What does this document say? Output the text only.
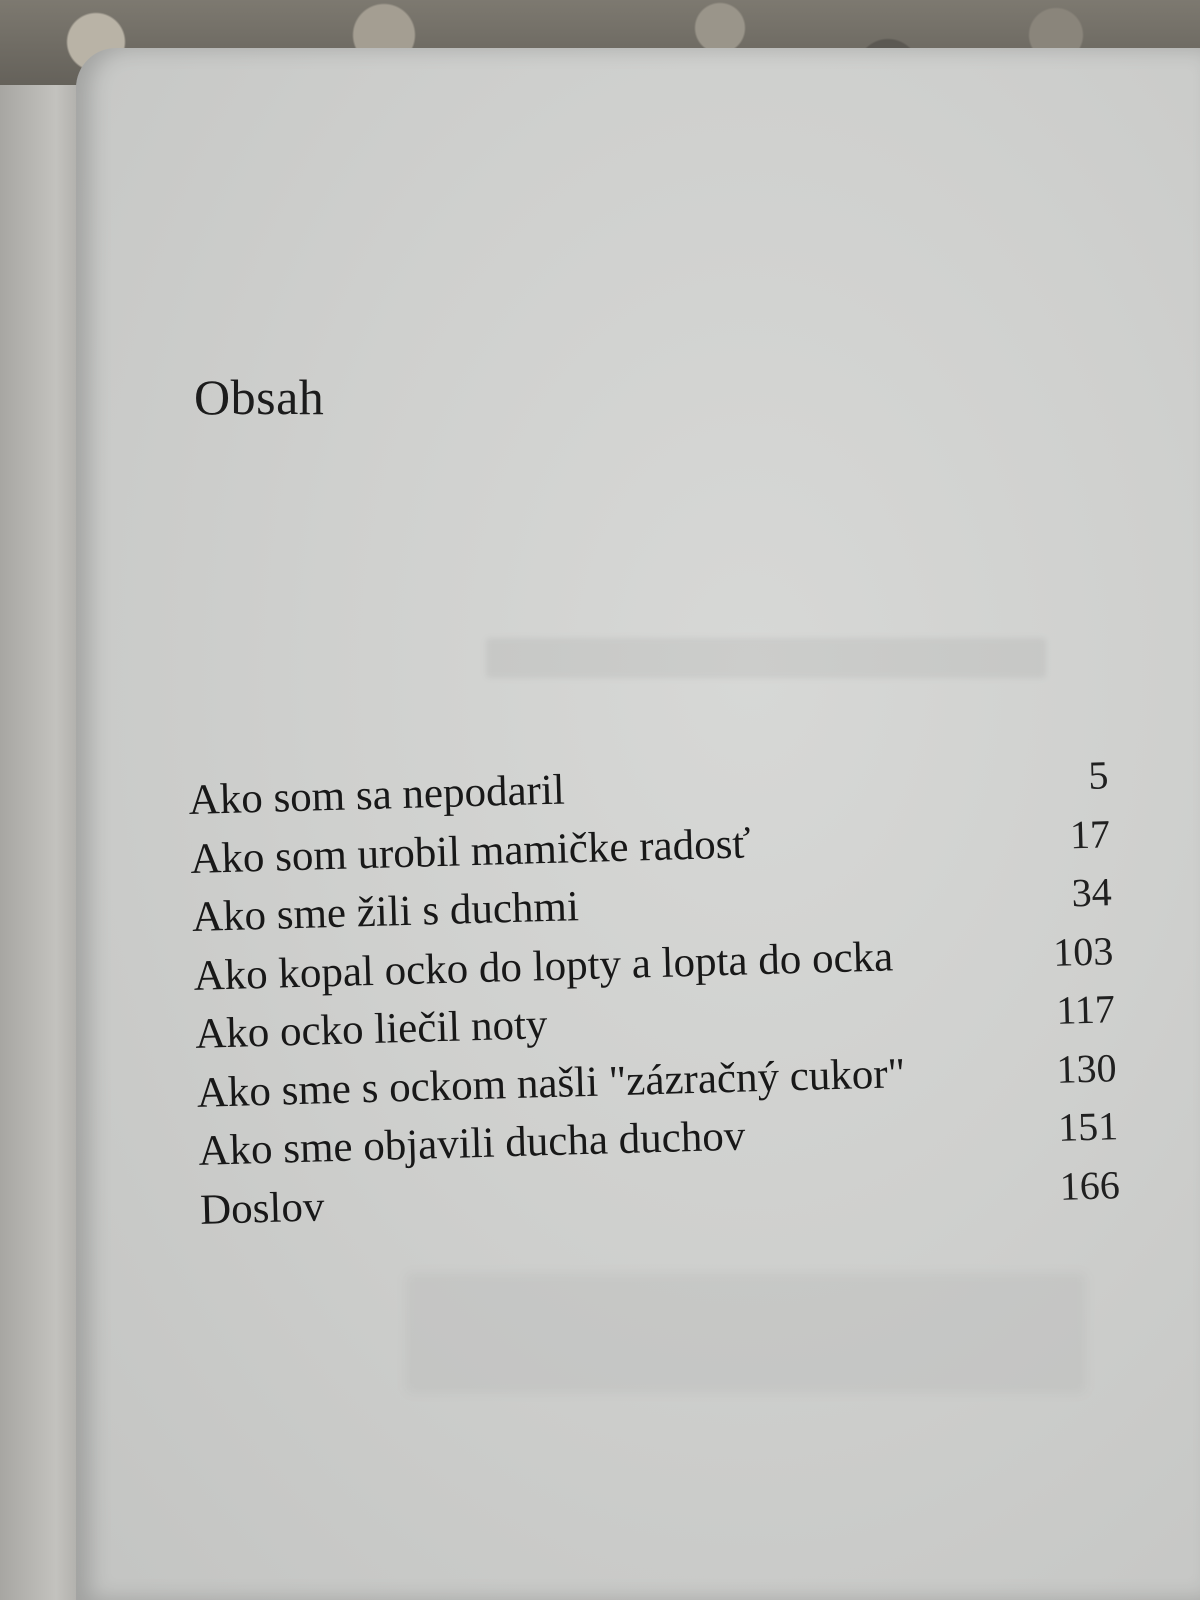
Obsah
Ako som sa nepodaril	5
Ako som urobil mamičke radosť	17
Ako sme žili s duchmi	34
Ako kopal ocko do lopty a lopta do ocka	103
Ako ocko liečil noty	117
Ako sme s ockom našli "zázračný cukor"	130
Ako sme objavili ducha duchov	151
Doslov	166
